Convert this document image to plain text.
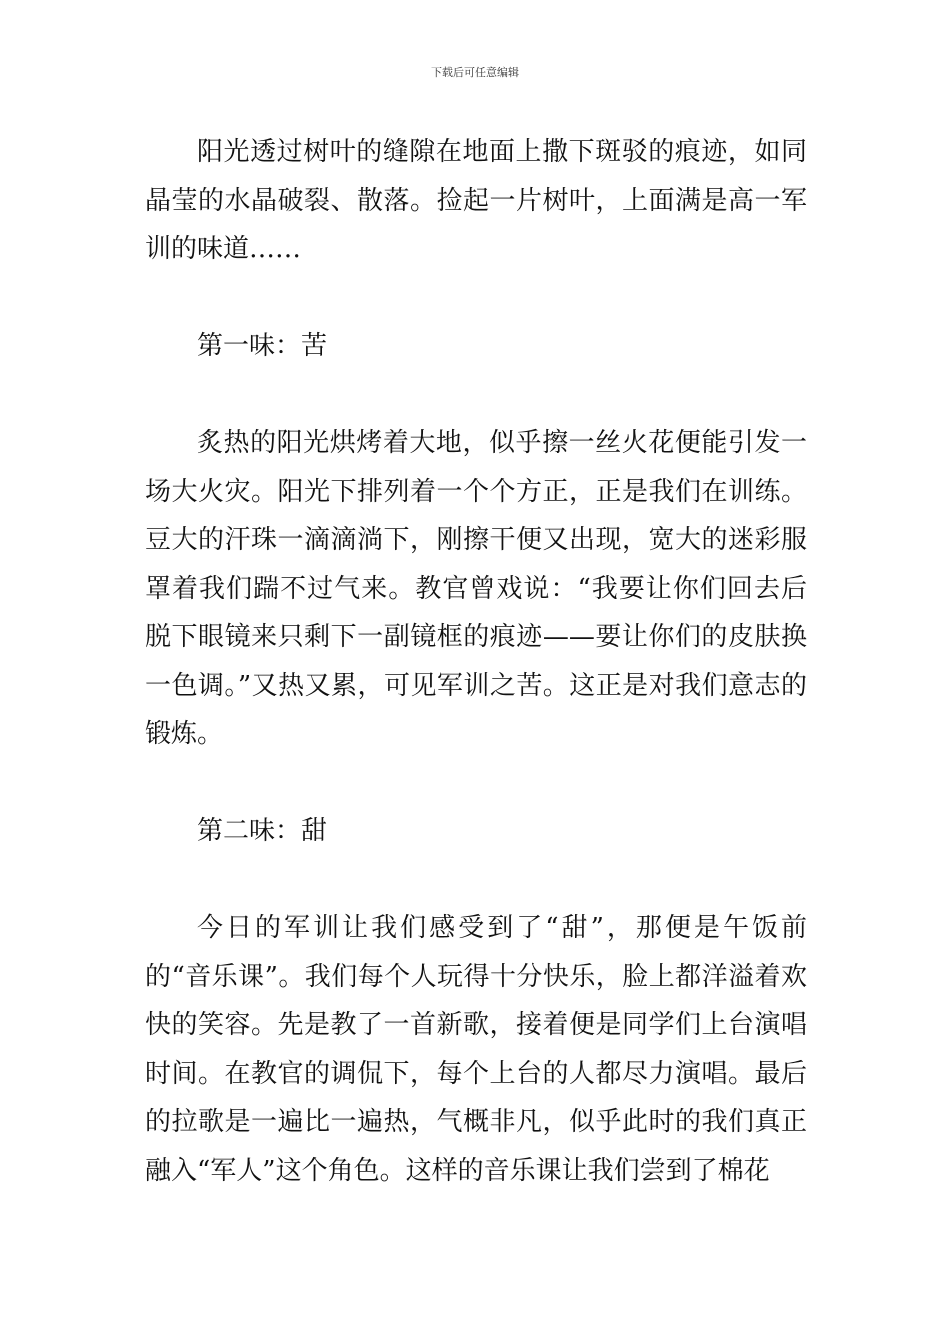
下载后可任意编辑

阳光透过树叶的缝隙在地面上撒下斑驳的痕迹，如同晶莹的水晶破裂、散落。捡起一片树叶，上面满是高一军训的味道……

第一味：苦

炙热的阳光烘烤着大地，似乎擦一丝火花便能引发一场大火灾。阳光下排列着一个个方正，正是我们在训练。豆大的汗珠一滴滴淌下，刚擦干便又出现，宽大的迷彩服罩着我们踹不过气来。教官曾戏说：“我要让你们回去后脱下眼镜来只剩下一副镜框的痕迹——要让你们的皮肤换一色调。”又热又累，可见军训之苦。这正是对我们意志的锻炼。

第二味：甜

今日的军训让我们感受到了“甜”，那便是午饭前的“音乐课”。我们每个人玩得十分快乐，脸上都洋溢着欢快的笑容。先是教了一首新歌，接着便是同学们上台演唱时间。在教官的调侃下，每个上台的人都尽力演唱。最后的拉歌是一遍比一遍热，气概非凡，似乎此时的我们真正融入“军人”这个角色。这样的音乐课让我们尝到了棉花
